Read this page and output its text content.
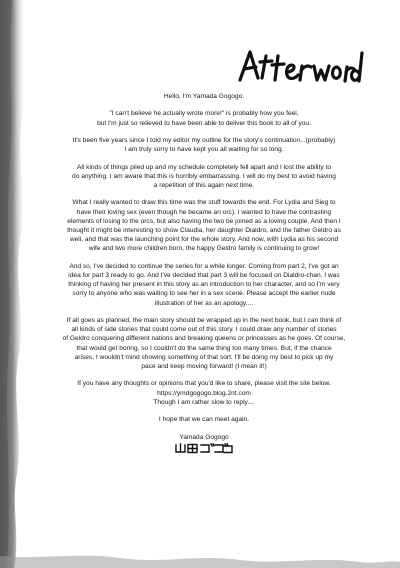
Hello, I'm Yamada Gogogo.

"I can't believe he actually wrote more!" is probably how you feel,
but I'm just so relieved to have been able to deliver this book to all of you.

It's been five years since I told my editor my outline for the story's continuation...(probably)
I am truly sorry to have kept you all waiting for so long.

All kinds of things piled up and my schedule completely fell apart and I lost the ability to
do anything. I am aware that this is horribly embarrassing. I will do my best to avoid having
a repetition of this again next time.

What I really wanted to draw this time was the stuff towards the end. For Lydia and Sieg to
have their loving sex (even though he became an orc). I wanted to have the contrasting
elements of losing to the orcs, but also having the two be joined as a loving couple. And then I
thought it might be interesting to show Claudia, her daughter Dialdro, and the father Geldro as
well, and that was the launching point for the whole story. And now, with Lydia as his second
wife and two more children born, the happy Geldro family is continuing to grow!

And so, I've decided to continue the series for a while longer. Coming from part 2, I've got an
idea for part 3 ready to go. And I've decided that part 3 will be focused on Dialdro-chan. I was
thinking of having her present in this story as an introduction to her character, and so I'm very
sorry to anyone who was waiting to see her in a sex scene. Please accept the earlier nude
illustration of her as an apology....

If all goes as planned, the main story should be wrapped up in the next book, but I can think of
all kinds of side stories that could come out of this story. I could draw any number of stories
of Geldro conquering different nations and breaking queens or princesses as he goes. Of course,
that would get boring, so I couldn't do the same thing too many times. But, if the chance
arises, I wouldn't mind showing something of that sort. I'll be doing my best to pick up my
pace and keep moving forward! (I mean it!)

If you have any thoughts or opinions that you'd like to share, please visit the site below.
https://ymdgogogo.blog.2nt.com
Though I am rather slow to reply....

I hope that we can meet again.

Yamada Gogogo
